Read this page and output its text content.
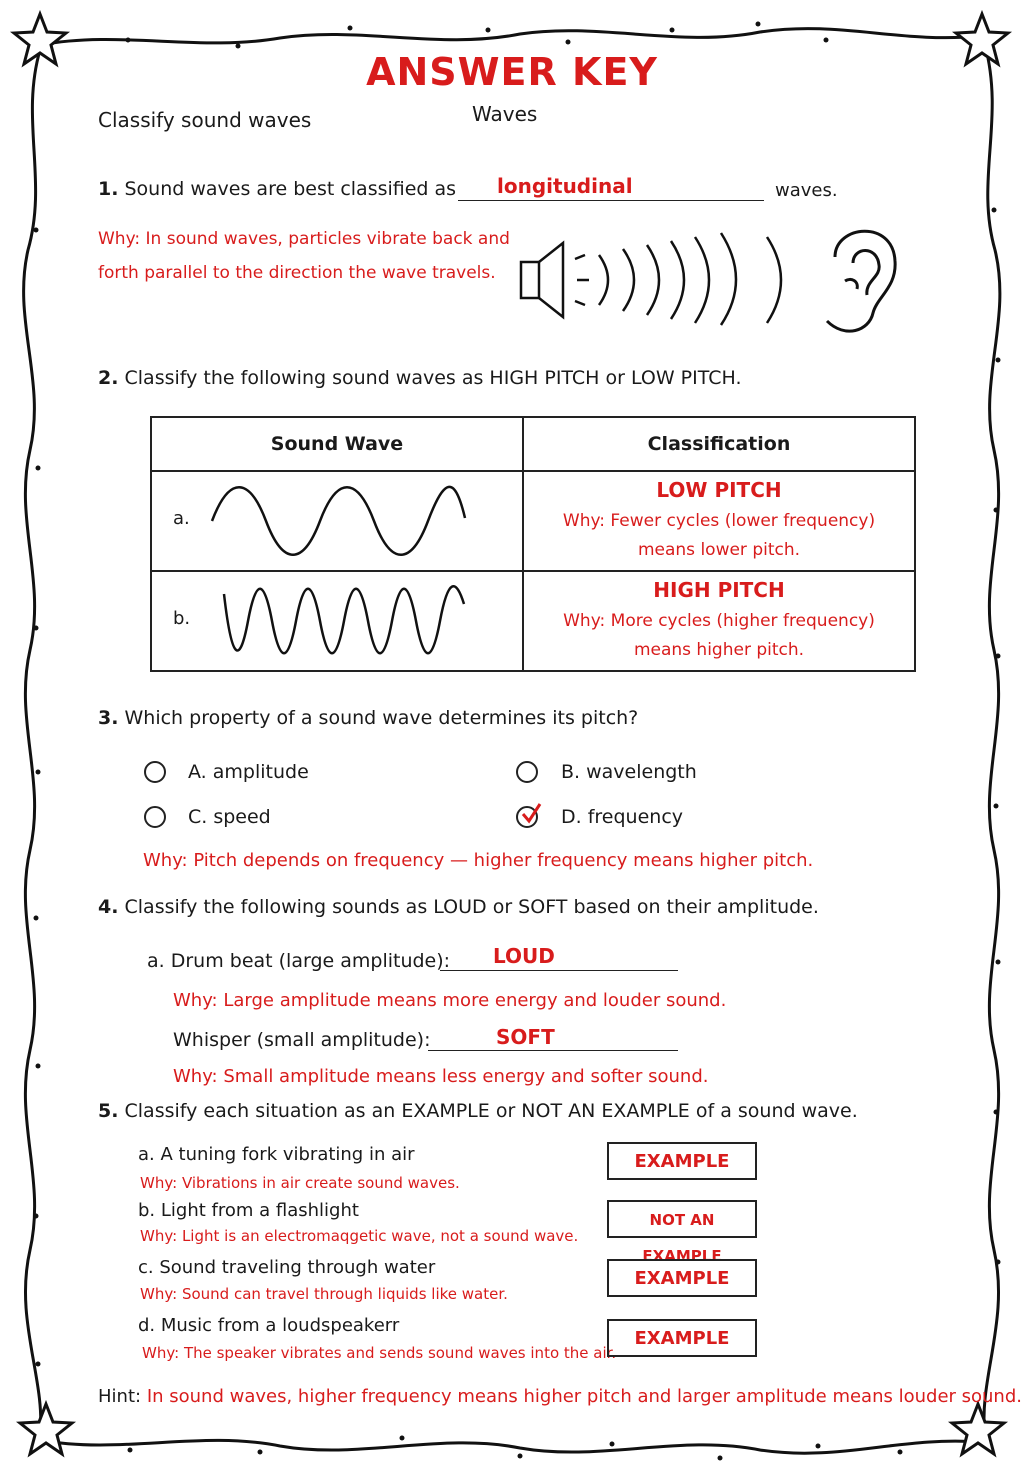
ANSWER KEY
Classify sound waves	Waves
1. Sound waves are best classified as longitudinal	waves.
Why: In sound waves, particles vibrate back and
forth parallel to the direction the wave travels.
2. Classify the following sound waves as HIGH PITCH or LOW PITCH.
Sound Wave	Classification

a.	LOW PITCH
Why: Fewer cycles (lower frequency)
means lower pitch.

b.	HIGH PITCH
Why: More cycles (higher frequency)
means higher pitch.
3. Which property of a sound wave determines its pitch?
A. amplitude	B. wavelength
C. speed	D. frequency
Why: Pitch depends on frequency — higher frequency means higher pitch.
4. Classify the following sounds as LOUD or SOFT based on their amplitude.
a. Drum beat (large amplitude): LOUD
Why: Large amplitude means more energy and louder sound.
Whisper (small amplitude):	SOFT
Why: Small amplitude means less energy and softer sound.
5. Classify each situation as an EXAMPLE or NOT AN EXAMPLE of a sound wave.
a. A tuning fork vibrating in air
Why: Vibrations in air create sound waves.
EXAMPLE
b. Light from a flashlight
Why: Light is an electromaqgetic wave, not a sound wave.
NOT AN EXAMPLE
c. Sound traveling through water
Why: Sound can travel through liquids like water.
EXAMPLE
d. Music from a loudspeakerr
Why: The speaker vibrates and sends sound waves into the air.
EXAMPLE
Hint: In sound waves, higher frequency means higher pitch and larger amplitude means louder sound.
